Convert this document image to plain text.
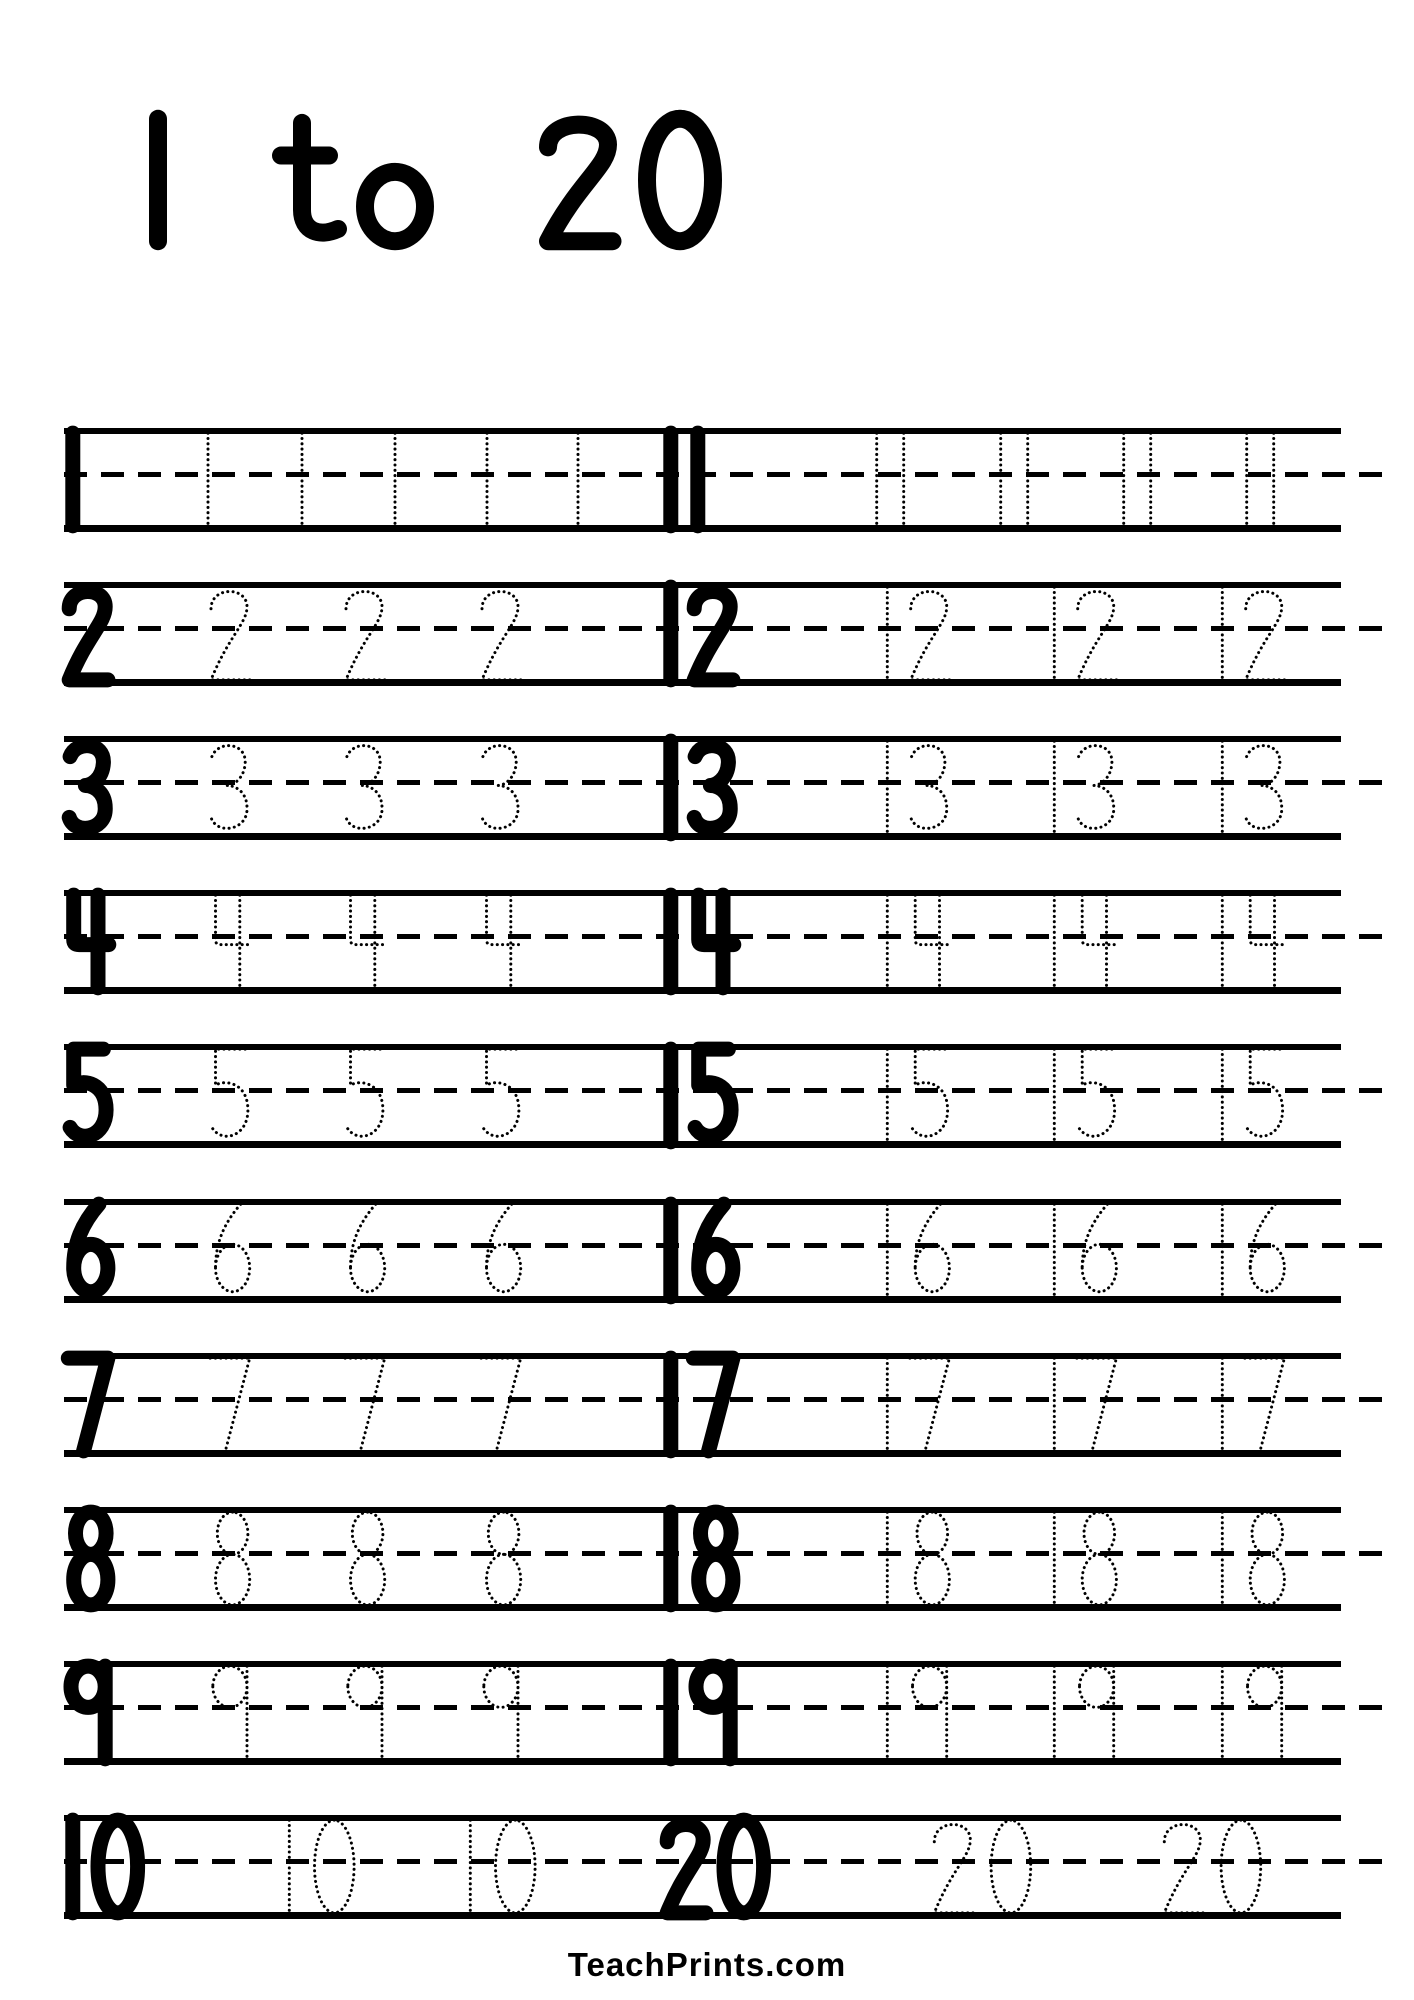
TeachPrints.com
